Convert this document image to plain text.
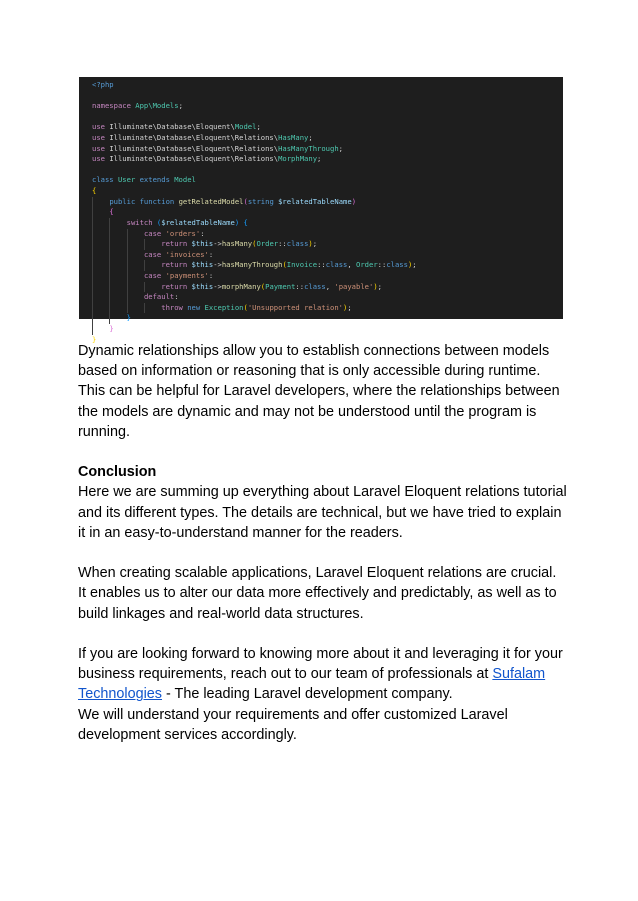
<?php

namespace App\Models;

use Illuminate\Database\Eloquent\Model;
use Illuminate\Database\Eloquent\Relations\HasMany;
use Illuminate\Database\Eloquent\Relations\HasManyThrough;
use Illuminate\Database\Eloquent\Relations\MorphMany;

class User extends Model
{
public function getRelatedModel(string $relatedTableName)
{
switch ($relatedTableName) {
case 'orders':
return $this->hasMany(Order::class);
case 'invoices':
return $this->hasManyThrough(Invoice::class, Order::class);
case 'payments':
return $this->morphMany(Payment::class, 'payable');
default:
throw new Exception('Unsupported relation');
}
}
}

Dynamic relationships allow you to establish connections between models based on information or reasoning that is only accessible during runtime. This can be helpful for Laravel developers, where the relationships between the models are dynamic and may not be understood until the program is running.

Conclusion

Here we are summing up everything about Laravel Eloquent relations tutorial and its different types. The details are technical, but we have tried to explain it in an easy-to-understand manner for the readers.

When creating scalable applications, Laravel Eloquent relations are crucial. It enables us to alter our data more effectively and predictably, as well as to build linkages and real-world data structures.

If you are looking forward to knowing more about it and leveraging it for your business requirements, reach out to our team of professionals at Sufalam Technologies - The leading Laravel development company.

We will understand your requirements and offer customized Laravel development services accordingly.
